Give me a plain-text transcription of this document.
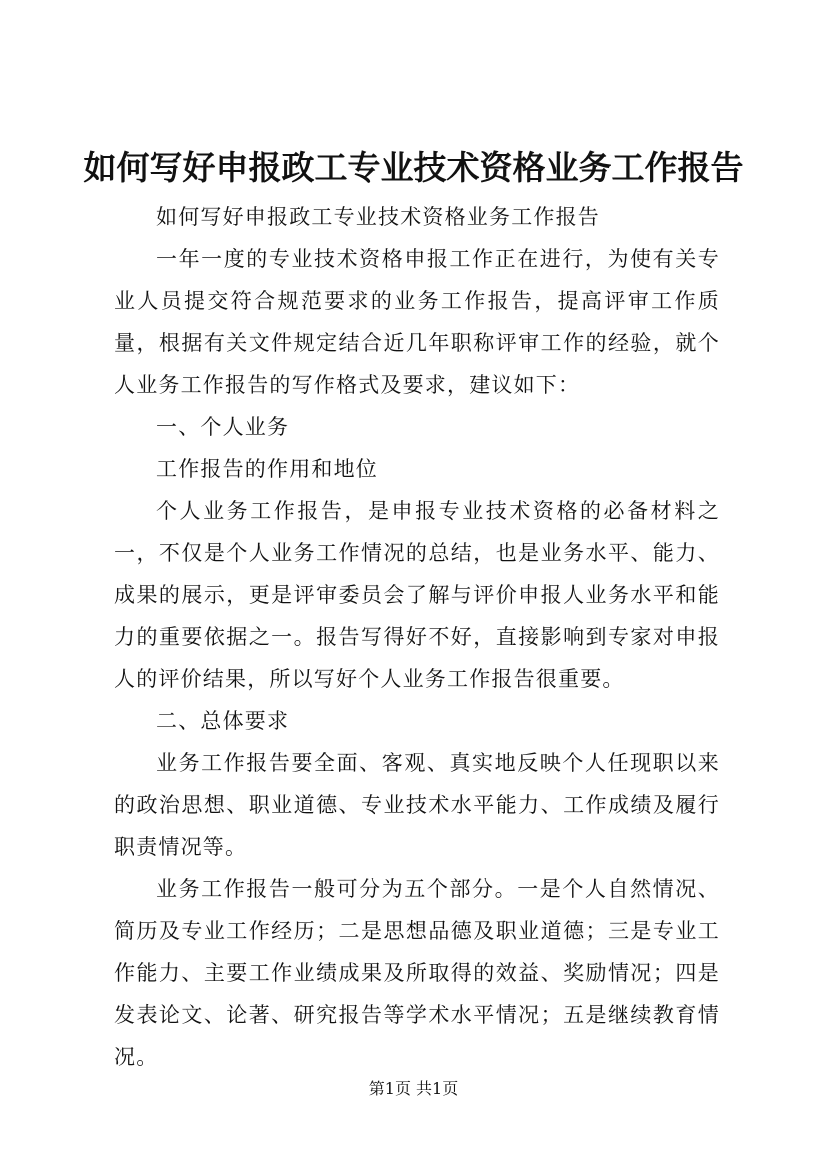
如何写好申报政工专业技术资格业务工作报告

如何写好申报政工专业技术资格业务工作报告

一年一度的专业技术资格申报工作正在进行，为使有关专业人员提交符合规范要求的业务工作报告，提高评审工作质量，根据有关文件规定结合近几年职称评审工作的经验，就个人业务工作报告的写作格式及要求，建议如下：

一、个人业务

工作报告的作用和地位

个人业务工作报告，是申报专业技术资格的必备材料之一，不仅是个人业务工作情况的总结，也是业务水平、能力、成果的展示，更是评审委员会了解与评价申报人业务水平和能力的重要依据之一。报告写得好不好，直接影响到专家对申报人的评价结果，所以写好个人业务工作报告很重要。

二、总体要求

业务工作报告要全面、客观、真实地反映个人任现职以来的政治思想、职业道德、专业技术水平能力、工作成绩及履行职责情况等。

业务工作报告一般可分为五个部分。一是个人自然情况、简历及专业工作经历；二是思想品德及职业道德；三是专业工作能力、主要工作业绩成果及所取得的效益、奖励情况；四是发表论文、论著、研究报告等学术水平情况；五是继续教育情况。

第1页 共1页
